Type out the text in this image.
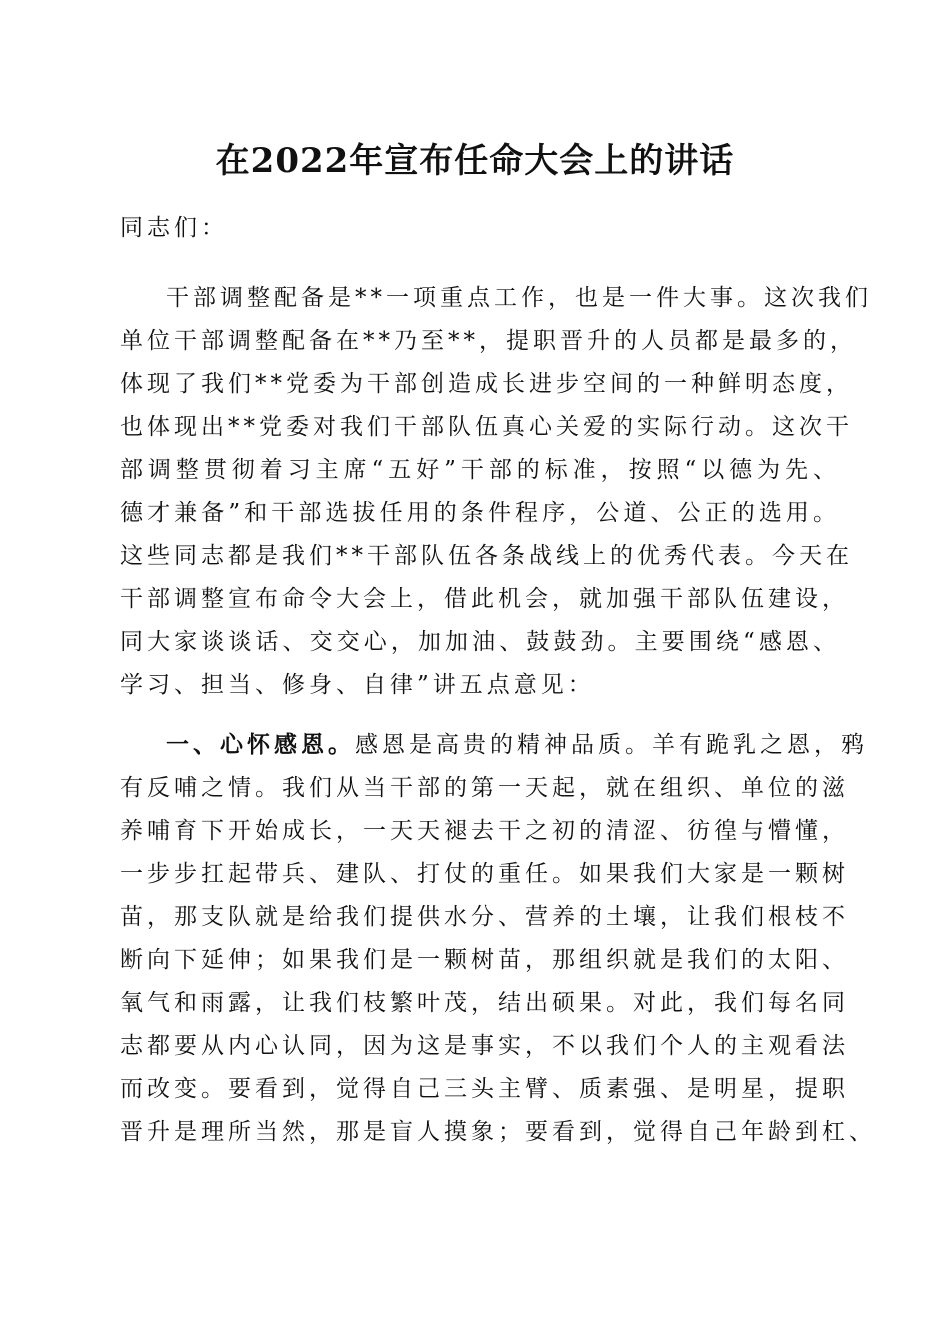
在2022年宣布任命大会上的讲话
同志们：
干部调整配备是**一项重点工作，也是一件大事。这次我们
单位干部调整配备在**乃至**，提职晋升的人员都是最多的，
体现了我们**党委为干部创造成长进步空间的一种鲜明态度，
也体现出**党委对我们干部队伍真心关爱的实际行动。这次干
部调整贯彻着习主席“五好”干部的标准，按照“以德为先、
德才兼备”和干部选拔任用的条件程序，公道、公正的选用。
这些同志都是我们**干部队伍各条战线上的优秀代表。今天在
干部调整宣布命令大会上，借此机会，就加强干部队伍建设，
同大家谈谈话、交交心，加加油、鼓鼓劲。主要围绕“感恩、
学习、担当、修身、自律”讲五点意见：
一、心怀感恩。感恩是高贵的精神品质。羊有跪乳之恩，鸦
有反哺之情。我们从当干部的第一天起，就在组织、单位的滋
养哺育下开始成长，一天天褪去干之初的清涩、彷徨与懵懂，
一步步扛起带兵、建队、打仗的重任。如果我们大家是一颗树
苗，那支队就是给我们提供水分、营养的土壤，让我们根枝不
断向下延伸；如果我们是一颗树苗，那组织就是我们的太阳、
氧气和雨露，让我们枝繁叶茂，结出硕果。对此，我们每名同
志都要从内心认同，因为这是事实，不以我们个人的主观看法
而改变。要看到，觉得自己三头主臂、质素强、是明星，提职
晋升是理所当然，那是盲人摸象；要看到，觉得自己年龄到杠、
